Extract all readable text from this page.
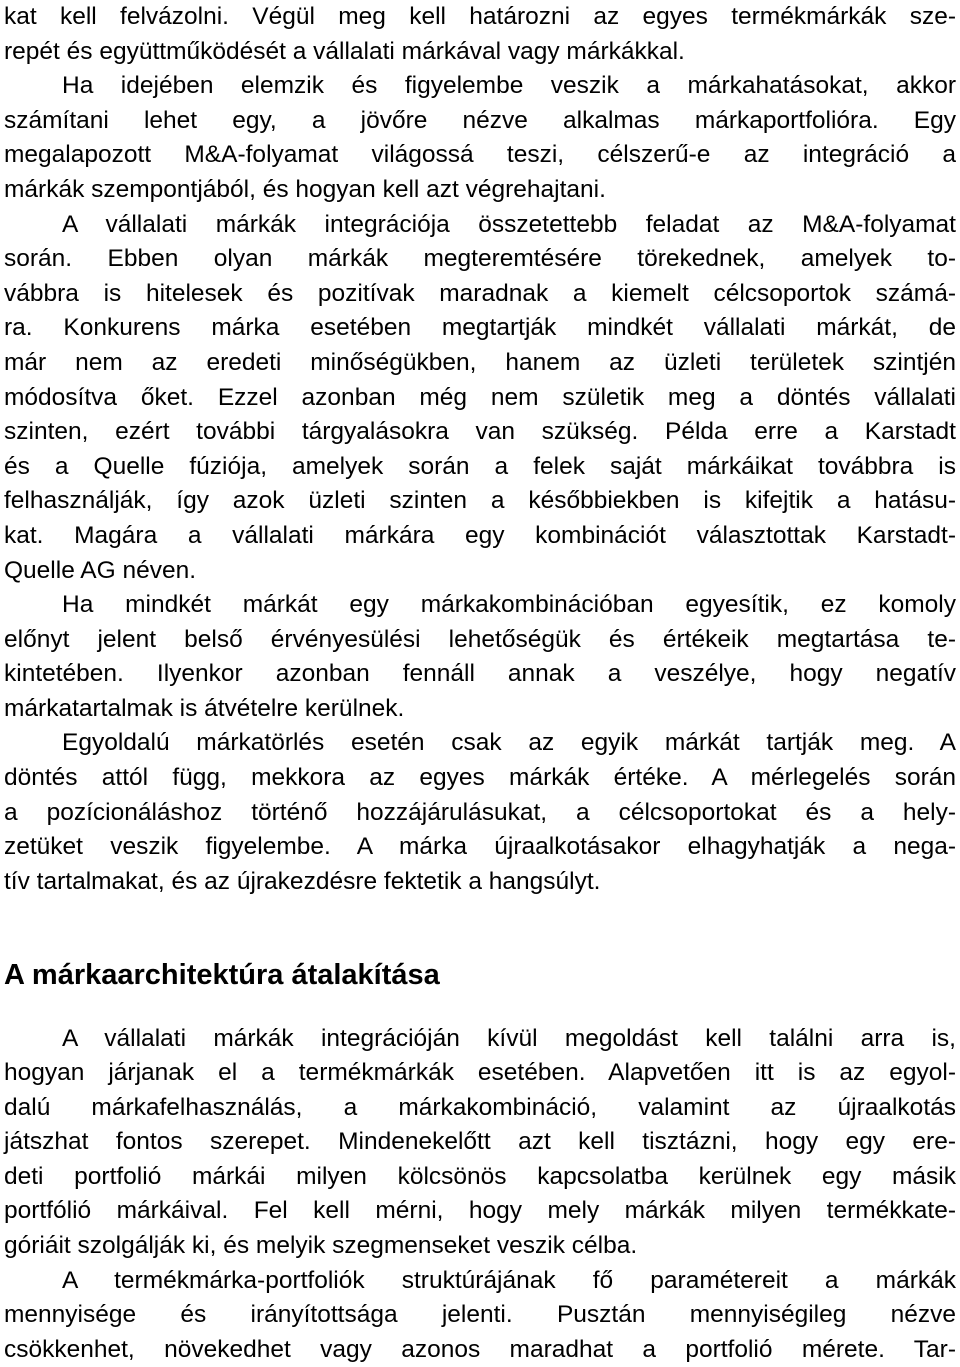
kat kell felvázolni. Végül meg kell határozni az egyes termékmárkák sze-
repét és együttműködését a vállalati márkával vagy márkákkal.
Ha idejében elemzik és figyelembe veszik a márkahatásokat, akkor
számítani lehet egy, a jövőre nézve alkalmas márkaportfolióra. Egy
megalapozott M&A-folyamat világossá teszi, célszerű-e az integráció a
márkák szempontjából, és hogyan kell azt végrehajtani.
A vállalati márkák integrációja összetettebb feladat az M&A-folyamat
során. Ebben olyan márkák megteremtésére törekednek, amelyek to-
vábbra is hitelesek és pozitívak maradnak a kiemelt célcsoportok számá-
ra. Konkurens márka esetében megtartják mindkét vállalati márkát, de
már nem az eredeti minőségükben, hanem az üzleti területek szintjén
módosítva őket. Ezzel azonban még nem születik meg a döntés vállalati
szinten, ezért további tárgyalásokra van szükség. Példa erre a Karstadt
és a Quelle fúziója, amelyek során a felek saját márkáikat továbbra is
felhasználják, így azok üzleti szinten a későbbiekben is kifejtik a hatásu-
kat. Magára a vállalati márkára egy kombinációt választottak Karstadt-
Quelle AG néven.
Ha mindkét márkát egy márkakombinációban egyesítik, ez komoly
előnyt jelent belső érvényesülési lehetőségük és értékeik megtartása te-
kintetében. Ilyenkor azonban fennáll annak a veszélye, hogy negatív
márkatartalmak is átvételre kerülnek.
Egyoldalú márkatörlés esetén csak az egyik márkát tartják meg. A
döntés attól függ, mekkora az egyes márkák értéke. A mérlegelés során
a pozícionáláshoz történő hozzájárulásukat, a célcsoportokat és a hely-
zetüket veszik figyelembe. A márka újraalkotásakor elhagyhatják a nega-
tív tartalmakat, és az újrakezdésre fektetik a hangsúlyt.
A márkaarchitektúra átalakítása
A vállalati márkák integrációján kívül megoldást kell találni arra is,
hogyan járjanak el a termékmárkák esetében. Alapvetően itt is az egyol-
dalú márkafelhasználás, a márkakombináció, valamint az újraalkotás
játszhat fontos szerepet. Mindenekelőtt azt kell tisztázni, hogy egy ere-
deti portfolió márkái milyen kölcsönös kapcsolatba kerülnek egy másik
portfólió márkáival. Fel kell mérni, hogy mely márkák milyen termékkate-
góriáit szolgálják ki, és melyik szegmenseket veszik célba.
A termékmárka-portfoliók struktúrájának fő paramétereit a márkák
mennyisége és irányítottsága jelenti. Pusztán mennyiségileg nézve
csökkenhet, növekedhet vagy azonos maradhat a portfolió mérete. Tar-
